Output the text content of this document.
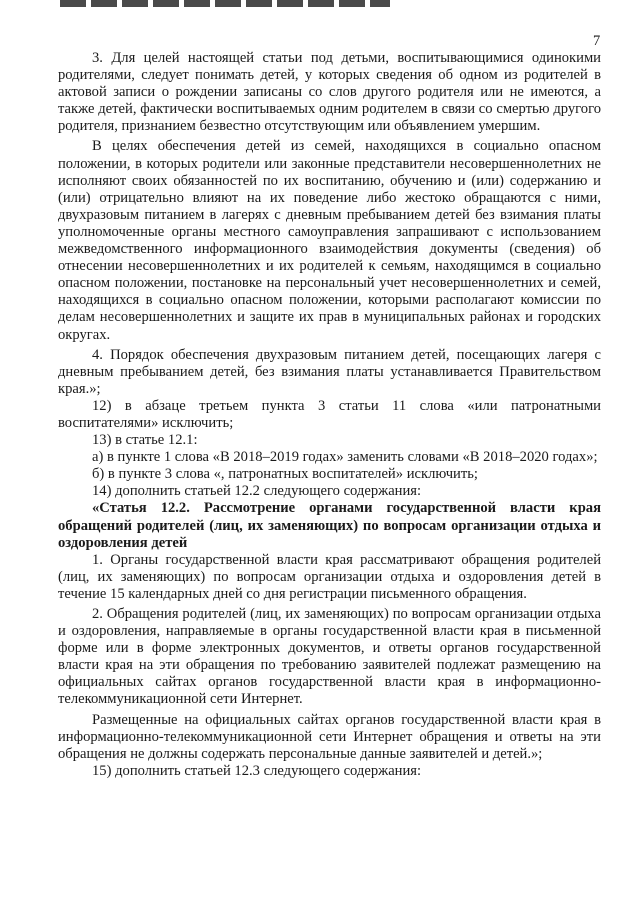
7

3. Для целей настоящей статьи под детьми, воспитывающимися одинокими родителями, следует понимать детей, у которых сведения об одном из родителей в актовой записи о рождении записаны со слов другого родителя или не имеются, а также детей, фактически воспитываемых одним родителем в связи со смертью другого родителя, признанием безвестно отсутствующим или объявлением умершим.

В целях обеспечения детей из семей, находящихся в социально опасном положении, в которых родители или законные представители несовершеннолетних не исполняют своих обязанностей по их воспитанию, обучению и (или) содержанию и (или) отрицательно влияют на их поведение либо жестоко обращаются с ними, двухразовым питанием в лагерях с дневным пребыванием детей без взимания платы уполномоченные органы местного самоуправления запрашивают с использованием межведомственного информационного взаимодействия документы (сведения) об отнесении несовершеннолетних и их родителей к семьям, находящимся в социально опасном положении, постановке на персональный учет несовершеннолетних и семей, находящихся в социально опасном положении, которыми располагают комиссии по делам несовершеннолетних и защите их прав в муниципальных районах и городских округах.

4. Порядок обеспечения двухразовым питанием детей, посещающих лагеря с дневным пребыванием детей, без взимания платы устанавливается Правительством края.»;

12) в абзаце третьем пункта 3 статьи 11 слова «или патронатными воспитателями» исключить;

13) в статье 12.1:

а) в пункте 1 слова «В 2018–2019 годах» заменить словами «В 2018–2020 годах»;

б) в пункте 3 слова «, патронатных воспитателей» исключить;

14) дополнить статьей 12.2 следующего содержания:

«Статья 12.2. Рассмотрение органами государственной власти края обращений родителей (лиц, их заменяющих) по вопросам организации отдыха и оздоровления детей

1. Органы государственной власти края рассматривают обращения родителей (лиц, их заменяющих) по вопросам организации отдыха и оздоровления детей в течение 15 календарных дней со дня регистрации письменного обращения.

2. Обращения родителей (лиц, их заменяющих) по вопросам организации отдыха и оздоровления, направляемые в органы государственной власти края в письменной форме или в форме электронных документов, и ответы органов государственной власти края на эти обращения по требованию заявителей подлежат размещению на официальных сайтах органов государственной власти края в информационно-телекоммуникационной сети Интернет.

Размещенные на официальных сайтах органов государственной власти края в информационно-телекоммуникационной сети Интернет обращения и ответы на эти обращения не должны содержать персональные данные заявителей и детей.»;

15) дополнить статьей 12.3 следующего содержания:
